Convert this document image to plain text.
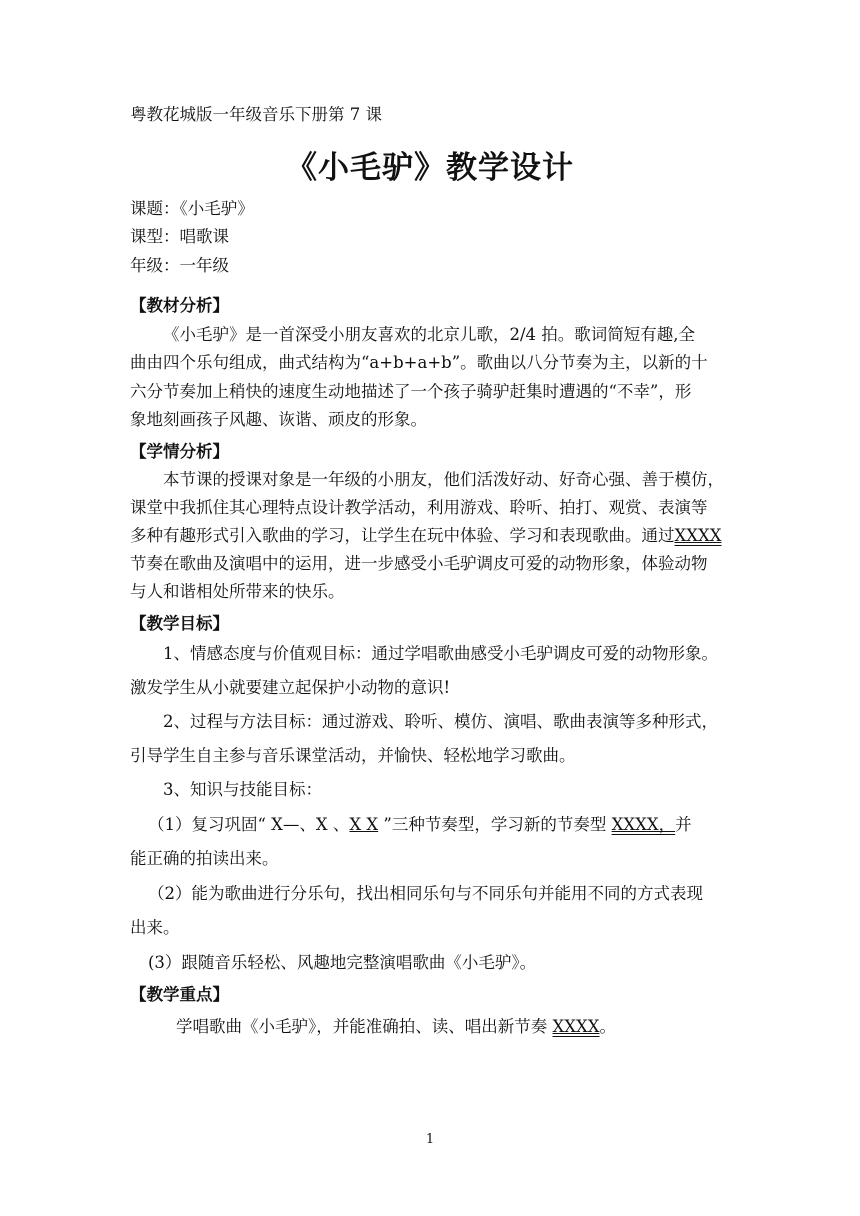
粤教花城版一年级音乐下册第 7 课

《小毛驴》教学设计

课题：《小毛驴》

课型：唱歌课

年级：一年级

【教材分析】

《小毛驴》是一首深受小朋友喜欢的北京儿歌，2/4 拍。歌词简短有趣,全

曲由四个乐句组成，曲式结构为“a+b+a+b”。歌曲以八分节奏为主，以新的十

六分节奏加上稍快的速度生动地描述了一个孩子骑驴赶集时遭遇的“不幸”，形

象地刻画孩子风趣、诙谐、顽皮的形象。

【学情分析】

本节课的授课对象是一年级的小朋友，他们活泼好动、好奇心强、善于模仿，

课堂中我抓住其心理特点设计教学活动，利用游戏、聆听、拍打、观赏、表演等

多种有趣形式引入歌曲的学习，让学生在玩中体验、学习和表现歌曲。通过XXXX

节奏在歌曲及演唱中的运用，进一步感受小毛驴调皮可爱的动物形象，体验动物

与人和谐相处所带来的快乐。

【教学目标】

1、情感态度与价值观目标：通过学唱歌曲感受小毛驴调皮可爱的动物形象。

激发学生从小就要建立起保护小动物的意识!

2、过程与方法目标：通过游戏、聆听、模仿、演唱、歌曲表演等多种形式，

引导学生自主参与音乐课堂活动，并愉快、轻松地学习歌曲。

3、知识与技能目标：

（1）复习巩固“ X—、X 、X X ”三种节奏型，学习新的节奏型 XXXX，并

能正确的拍读出来。

（2）能为歌曲进行分乐句，找出相同乐句与不同乐句并能用不同的方式表现

出来。

(3）跟随音乐轻松、风趣地完整演唱歌曲《小毛驴》。

【教学重点】

学唱歌曲《小毛驴》，并能准确拍、读、唱出新节奏 XXXX。

1
